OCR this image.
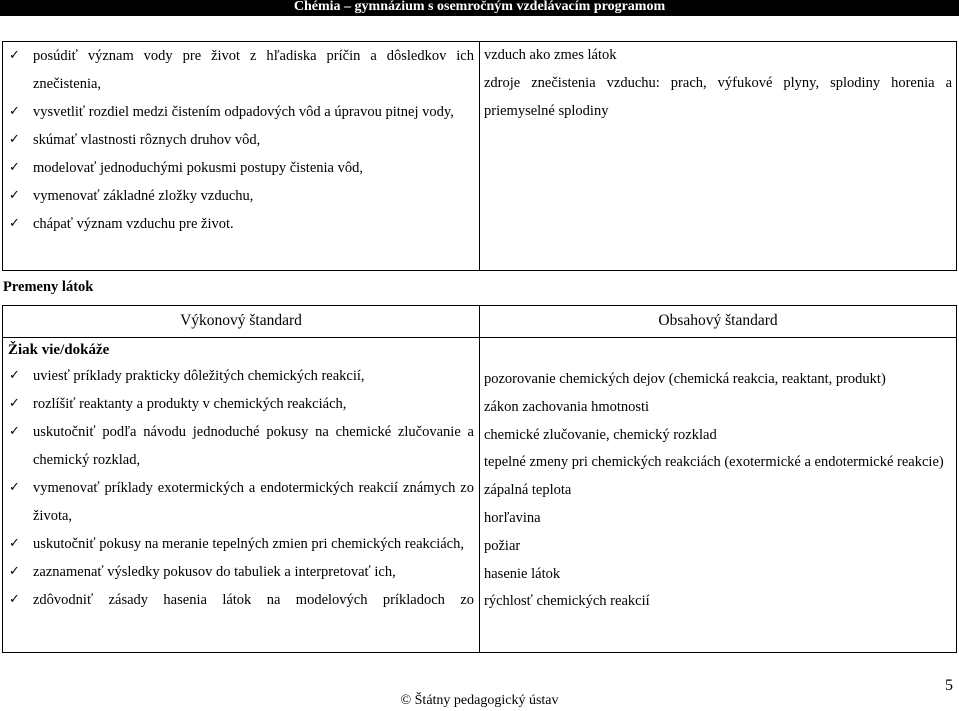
Chémia – gymnázium s osemročným vzdelávacím programom
✓ posúdiť význam vody pre život z hľadiska príčin a dôsledkov ich znečistenia,
✓ vysvetliť rozdiel medzi čistením odpadových vôd a úpravou pitnej vody,
✓ skúmať vlastnosti rôznych druhov vôd,
✓ modelovať jednoduchými pokusmi postupy čistenia vôd,
✓ vymenovať základné zložky vzduchu,
✓ chápať význam vzduchu pre život.
vzduch ako zmes látok
zdroje znečistenia vzduchu: prach, výfukové plyny, splodiny horenia a priemyselné splodiny
Premeny látok
Výkonový štandard	Obsahový štandard
Žiak vie/dokáže
✓ uviesť príklady prakticky dôležitých chemických reakcií,
✓ rozlíšiť reaktanty a produkty v chemických reakciách,
✓ uskutočniť podľa návodu jednoduché pokusy na chemické zlučovanie a chemický rozklad,
✓ vymenovať príklady exotermických a endotermických reakcií známych zo života,
✓ uskutočniť pokusy na meranie tepelných zmien pri chemických reakciách,
✓ zaznamenať výsledky pokusov do tabuliek a interpretovať ich,
✓ zdôvodniť zásady hasenia látok na modelových príkladoch zo
pozorovanie chemických dejov (chemická reakcia, reaktant, produkt)
zákon zachovania hmotnosti
chemické zlučovanie, chemický rozklad
tepelné zmeny pri chemických reakciách (exotermické a endotermické reakcie)
zápalná teplota
horľavina
požiar
hasenie látok
rýchlosť chemických reakcií
© Štátny pedagogický ústav
5
